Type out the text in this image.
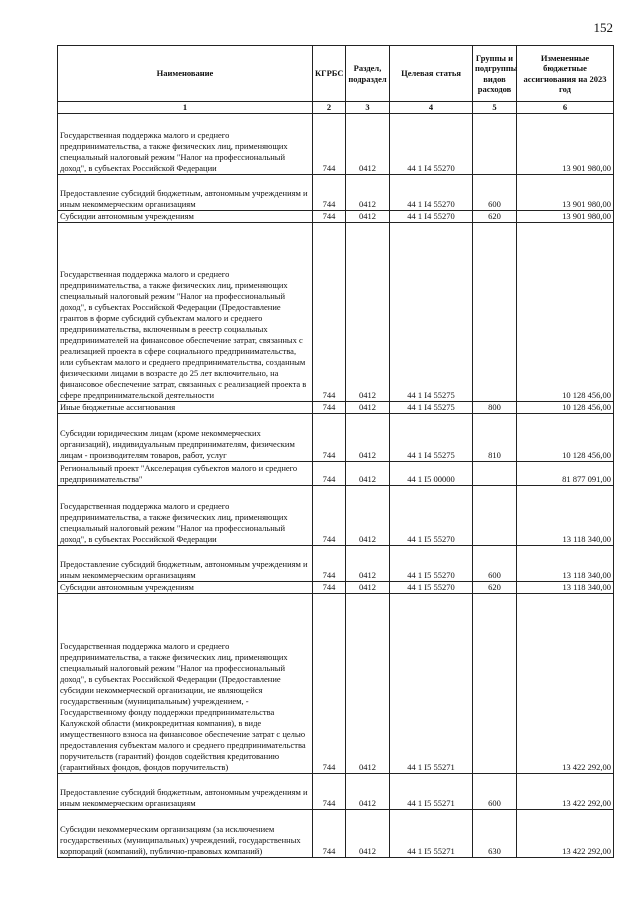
152
Наименование	КГРБС	Раздел, подраздел	Целевая статья	Группы и подгруппы видов расходов	Измененные бюджетные ассигнования на 2023 год
1	2	3	4	5	6
Государственная поддержка малого и среднего предпринимательства, а также физических лиц, применяющих специальный налоговый режим "Налог на профессиональный доход", в субъектах Российской Федерации	744	0412	44 1 I4 55270		13 901 980,00
Предоставление субсидий бюджетным, автономным учреждениям и иным некоммерческим организациям	744	0412	44 1 I4 55270	600	13 901 980,00
Субсидии автономным учреждениям	744	0412	44 1 I4 55270	620	13 901 980,00
Государственная поддержка малого и среднего предпринимательства, а также физических лиц, применяющих специальный налоговый режим "Налог на профессиональный доход", в субъектах Российской Федерации (Предоставление грантов в форме субсидий субъектам малого и среднего предпринимательства, включенным в реестр социальных предпринимателей на финансовое обеспечение затрат, связанных с реализацией проекта в сфере социального предпринимательства, или субъектам малого и среднего предпринимательства, созданным физическими лицами в возрасте до 25 лет включительно, на финансовое обеспечение затрат, связанных с реализацией проекта в сфере предпринимательской деятельности	744	0412	44 1 I4 55275		10 128 456,00
Иные бюджетные ассигнования	744	0412	44 1 I4 55275	800	10 128 456,00
Субсидии юридическим лицам (кроме некоммерческих организаций), индивидуальным предпринимателям, физическим лицам - производителям товаров, работ, услуг	744	0412	44 1 I4 55275	810	10 128 456,00
Региональный проект "Акселерация субъектов малого и среднего предпринимательства"	744	0412	44 1 I5 00000		81 877 091,00
Государственная поддержка малого и среднего предпринимательства, а также физических лиц, применяющих специальный налоговый режим "Налог на профессиональный доход", в субъектах Российской Федерации	744	0412	44 1 I5 55270		13 118 340,00
Предоставление субсидий бюджетным, автономным учреждениям и иным некоммерческим организациям	744	0412	44 1 I5 55270	600	13 118 340,00
Субсидии автономным учреждениям	744	0412	44 1 I5 55270	620	13 118 340,00
Государственная поддержка малого и среднего предпринимательства, а также физических лиц, применяющих специальный налоговый режим "Налог на профессиональный доход", в субъектах Российской Федерации (Предоставление субсидии некоммерческой организации, не являющейся государственным (муниципальным) учреждением, - Государственному фонду поддержки предпринимательства Калужской области (микрокредитная компания), в виде имущественного взноса на финансовое обеспечение затрат с целью предоставления субъектам малого и среднего предпринимательства поручительств (гарантий) фондов содействия кредитованию (гарантийных фондов, фондов поручительств)	744	0412	44 1 I5 55271		13 422 292,00
Предоставление субсидий бюджетным, автономным учреждениям и иным некоммерческим организациям	744	0412	44 1 I5 55271	600	13 422 292,00
Субсидии некоммерческим организациям (за исключением государственных (муниципальных) учреждений, государственных корпораций (компаний), публично-правовых компаний)	744	0412	44 1 I5 55271	630	13 422 292,00
